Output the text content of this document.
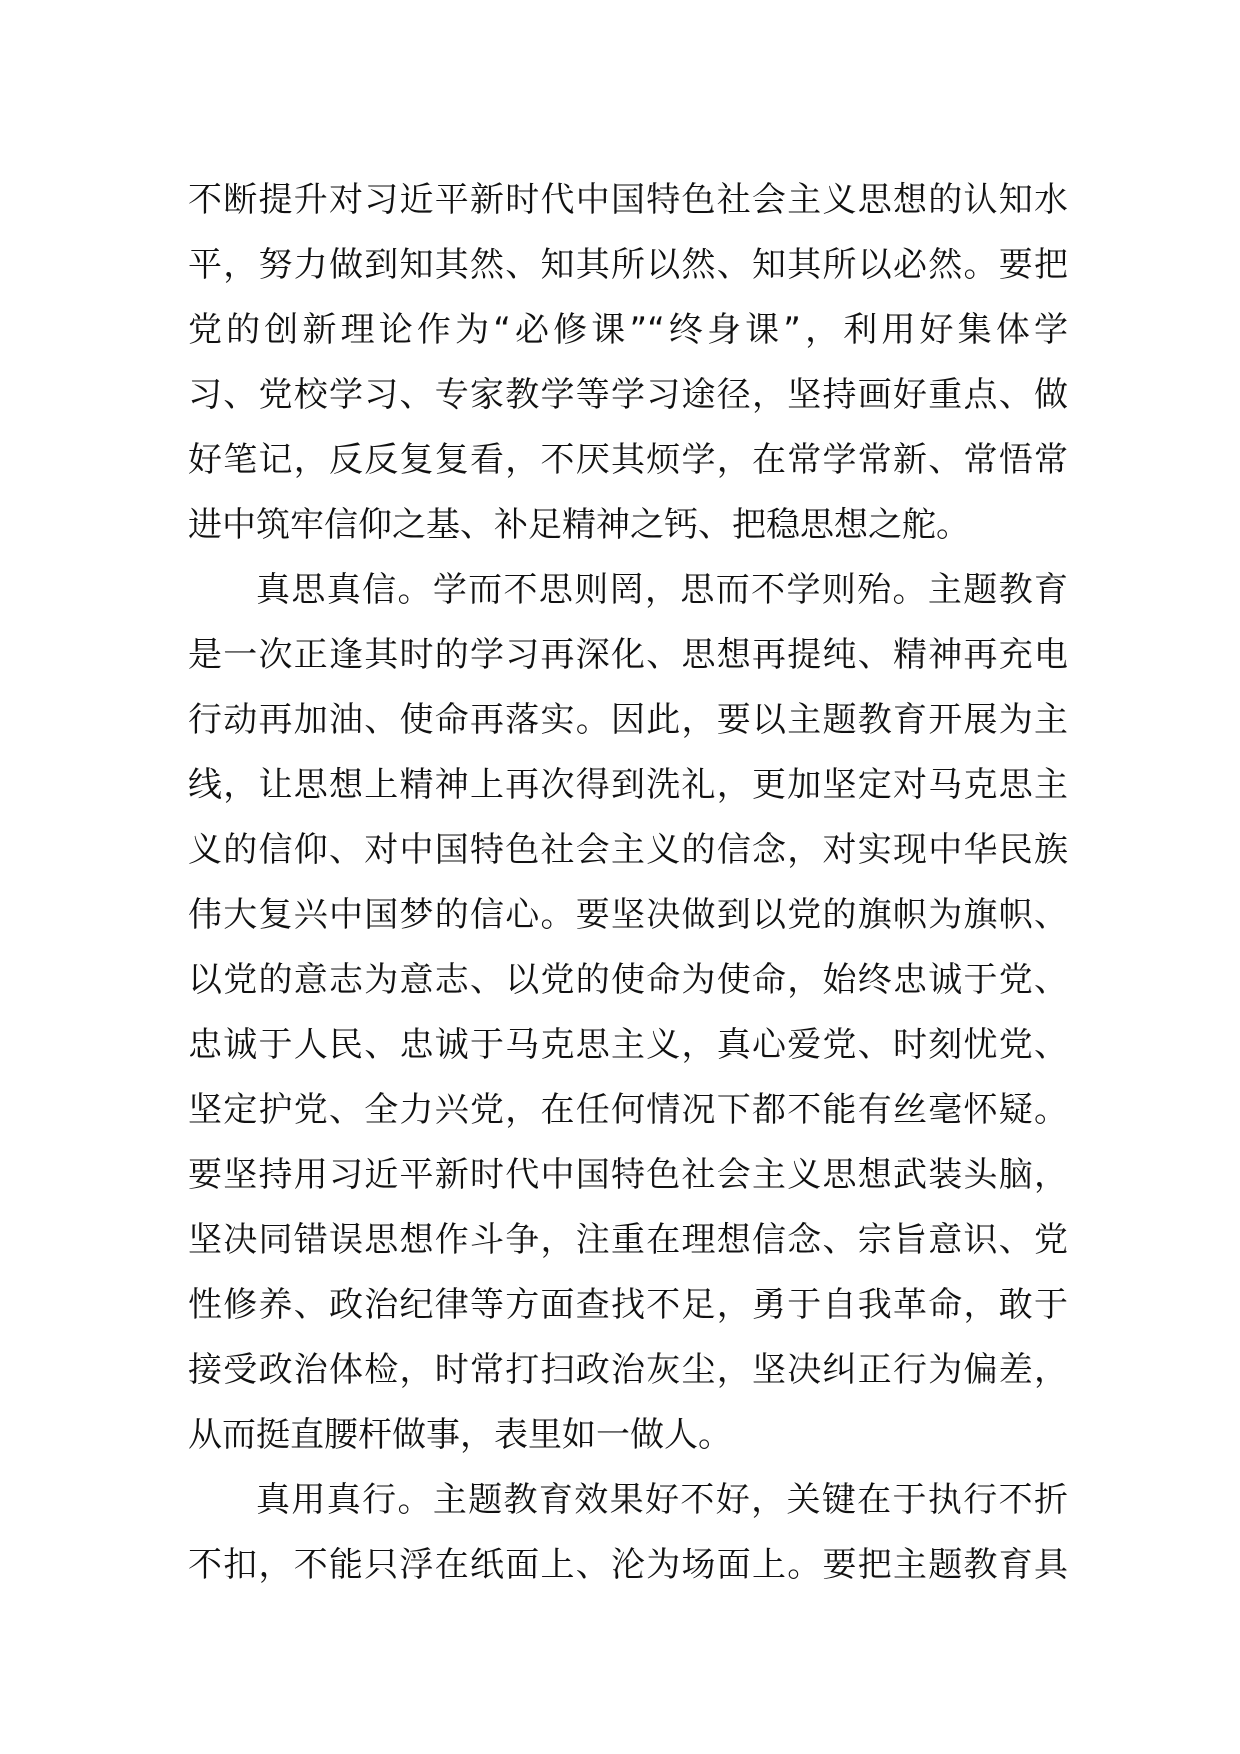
不断提升对习近平新时代中国特色社会主义思想的认知水
平，努力做到知其然、知其所以然、知其所以必然。要把
党的创新理论作为“必修课”“终身课”，利用好集体学
习、党校学习、专家教学等学习途径，坚持画好重点、做
好笔记，反反复复看，不厌其烦学，在常学常新、常悟常
进中筑牢信仰之基、补足精神之钙、把稳思想之舵。
真思真信。学而不思则罔，思而不学则殆。主题教育
是一次正逢其时的学习再深化、思想再提纯、精神再充电
行动再加油、使命再落实。因此，要以主题教育开展为主
线，让思想上精神上再次得到洗礼，更加坚定对马克思主
义的信仰、对中国特色社会主义的信念，对实现中华民族
伟大复兴中国梦的信心。要坚决做到以党的旗帜为旗帜、
以党的意志为意志、以党的使命为使命，始终忠诚于党、
忠诚于人民、忠诚于马克思主义，真心爱党、时刻忧党、
坚定护党、全力兴党，在任何情况下都不能有丝毫怀疑。
要坚持用习近平新时代中国特色社会主义思想武装头脑，
坚决同错误思想作斗争，注重在理想信念、宗旨意识、党
性修养、政治纪律等方面查找不足，勇于自我革命，敢于
接受政治体检，时常打扫政治灰尘，坚决纠正行为偏差，
从而挺直腰杆做事，表里如一做人。
真用真行。主题教育效果好不好，关键在于执行不折
不扣，不能只浮在纸面上、沦为场面上。要把主题教育具
